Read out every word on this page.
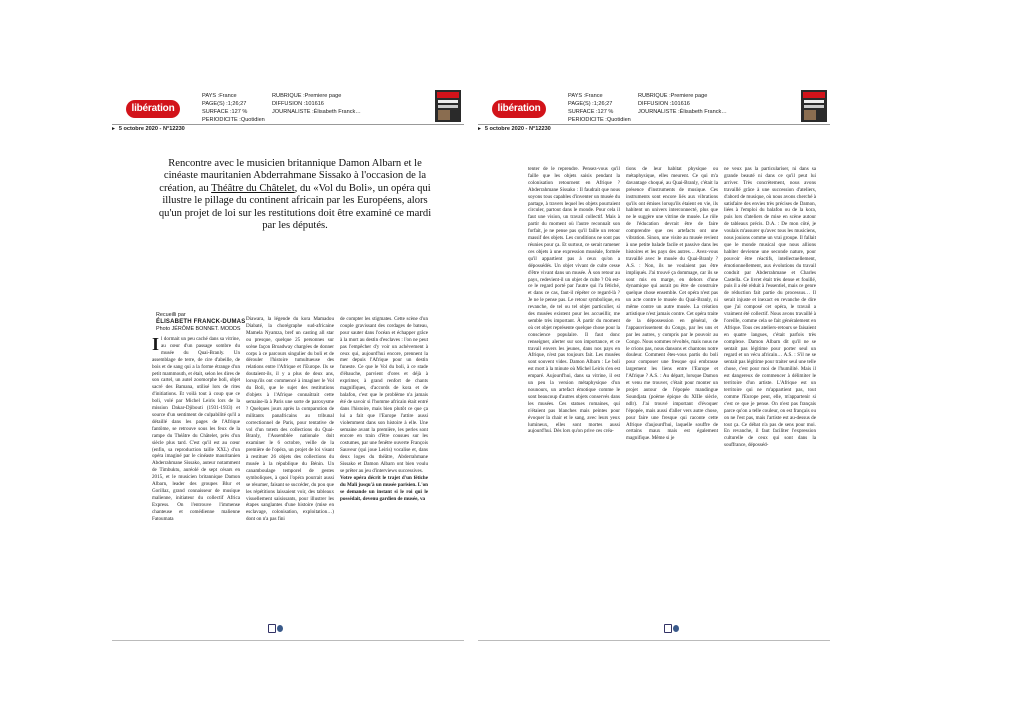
libération
PAYS :France
PAGE(S) :1;26;27
SURFACE :127 %
PERIODICITE :Quotidien
RUBRIQUE :Premiere page
DIFFUSION :101616
JOURNALISTE :Élisabeth Franck…
▸ 5 octobre 2020 - N°12230
Rencontre avec le musicien britannique Damon Albarn et le cinéaste mauritanien Abderrahmane Sissako à l'occasion de la création, au Théâtre du Châtelet, du «Vol du Boli», un opéra qui illustre le pillage du continent africain par les Européens, alors qu'un projet de loi sur les restitutions doit être examiné ce mardi par les députés.
Recueilli par
ÉLISABETH FRANCK-DUMAS
Photo JÉRÔME BONNET. MODDS
Il dormait un peu caché dans sa vitrine, au cœur d'un passage sombre du musée du Quai-Branly. Un assemblage de terre, de cire d'abeille, de bois et de sang qui a la forme étrange d'un petit mammouth, et était, selon les dires de son cartel, un autel zoomorphe boli, objet sacré des Bamana, utilisé lors de rites d'initiations. Et voilà tout à coup que ce boli, volé par Michel Leiris lors de la mission Dakar-Djibouti (1931-1933) et source d'un sentiment de culpabilité qu'il a détaillé dans les pages de l'Afrique fantôme, se retrouve sous les feux de la rampe du Théâtre du Châtelet, près d'un siècle plus tard. C'est qu'il est au cœur (enfin, sa reproduction taille XXL) d'un opéra imaginé par le cinéaste mauritanien Abderrahmane Sissako, auteur notamment de Timbuktu, auréolé de sept césars en 2015, et le musicien britannique Damon Albarn, leader des groupes Blur et Gorillaz, grand connaisseur de musique malienne, initiateur du collectif Africa Express. On l'entrouve l'immense chanteuse et comédienne malienne Fatoumata

Diawara, la légende du kora Mamadou Diabaté, la chorégraphe sud-africaine Mamela Nyamza, bref un casting all star ou presque, quelque 25 personnes sur scène façon Broadway chargées de donner corps à ce parcours singulier du boli et de dérouler l'histoire tumultueuse des relations entre l'Afrique et l'Europe. Ils se doutaient-ils, il y a plus de deux ans, lorsqu'ils ont commencé à imaginer le Vol du Boli, que le sujet des restitutions d'objets à l'Afrique connaîtrait cette semaine-là à Paris une sorte de paroxysme ? Quelques jours après la comparution de militants panafricains au tribunal correctionnel de Paris, pour tentative de vol d'un totem des collections du Quai-Branly, l'Assemblée nationale doit examiner le 6 octobre, veille de la première de l'opéra, un projet de loi visant à restituer 26 objets des collections du musée à la république du Bénin. Un canamboulage temporel de gestes symboliques, à quoi l'opéra pourrait aussi se résumer, faisant se succéder, du pou que les répétitions laissaient voir, des tableaux visuellement saisissants, pour illustrer les étapes sanglantes d'une histoire (mise en esclavage, colonisation, exploitation…) dont on n'a pas fini

de compter les stigmates. Cette scène d'un couple gravissant des cordages de bateau, pour sauter dans l'océan et échapper grâce à la mort au destin d'esclaves : l'on ne peut pas l'empêcher d'y voir un achèvement à ceux qui, aujourd'hui encore, prennent la mer depuis l'Afrique pour un destin funeste. Ce que le Vol du boli, à ce stade d'ébauche, parvient d'ores et déjà à exprimer, à grand renfort de chants magnifiques, d'accords de kora et de balafon, c'est que le problème n'a jamais été de savoir si l'homme africain était entré dans l'histoire, mais bien plutôt ce que ça lui a fait que l'Europe l'attire aussi violemment dans son histoire à elle. Une semaine avant la première, les perles sont encore en train d'être cousues sur les costumes, par une fenêtre ouverte François Sauveur (qui joue Leiris) vocalise et, dans deux loges du théâtre, Abderrahmane Sissako et Damon Albarn ont bien voulu se prêter au jeu d'interviews successives.

Votre opéra décrit le trajet d'un fétiche du Mali jusqu'à un musée parisien. L'on se demande un instant si le roi qui le possédait, devenu gardien de musée, va

libération
PAYS :France
PAGE(S) :1;26;27
SURFACE :127 %
PERIODICITE :Quotidien
RUBRIQUE :Premiere page
DIFFUSION :101616
JOURNALISTE :Élisabeth Franck…
▸ 5 octobre 2020 - N°12230

tenter de le reprendre. Pensez-vous qu'il faille que les objets saisis pendant la colonisation retournent en Afrique ? Abderrahmane Sissako : Il faudrait que nous soyons tous capables d'inventer un musée du partage, à travers lequel les objets pourraient circuler, partout dans le monde. Pour cela il faut une vision, un travail collectif. Mais à partir du moment où l'autre reconnaît son forfait, je ne pense pas qu'il faille un retour massif des objets. Les conditions ne sont pas réunies pour ça. Et surtout, ce serait ramener ces objets à une expression muséale, formée qu'il appartient pas à ceux qu'on a dépossédés. Un objet vivant de culte cesse d'être vivant dans un musée. À son retour au pays, redevient-il un objet de culte ? Où est-ce le regard porté par l'autre qui l'a fétiché, et dans ce cas, faut-il répéter ce regard-là ? Je ne le pense pas. Le retour symbolique, en revanche, de tel ou tel objet particulier, si des musées existent pour les accueillir, me semble très important. À partir du moment où cet objet représente quelque chose pour la conscience populaire. Il faut donc renseigner, alerter sur son importance, et ce travail envers les jeunes, dans nos pays en Afrique, n'est pas toujours fait. Les musées sont souvent vides. Damon Albarn : Le boli est mort à la minute où Michel Leiris s'en est emparé. Aujourd'hui, dans sa vitrine, il est un peu la version métaphysique d'un nounours, un artefact émotique comme le sont beaucoup d'autres objets conservés dans les musées. Ces statues romaines, qui n'étaient pas blanches mais peintes pour évoquer la chair et le sang, avec leurs yeux lumineux, elles sont mortes aussi aujourd'hui. Dès lors qu'on prive ces créa-

tions de leur habitat physique ou métaphysique, elles meurent. Ce qui m'a davantage choqué, au Quai-Branly, c'était la présence d'instruments de musique. Ces instruments sont encore liés aux vibrations qu'ils ont émises lorsqu'ils étaient en vie, ils habitent un univers interconnecté, plus que ne le suggère une vitrine de musée. Le rôle de l'éducation devrait être de faire comprendre que ces artefacts ont une vibration. Sinon, une visite au musée revient à une petite balade facile et passive dans les histoires et les pays des autres… Avez-vous travaillé avec le musée du Quai-Branly ? A.S. : Non, ils ne voulaient pas être impliqués. J'ai trouvé ça dommage, car ils se sont mis en marge, en dehors d'une dynamique qui aurait pu être de construire quelque chose ensemble. Cet opéra n'est pas un acte contre le musée du Quai-Branly, ni même contre un autre musée. La création artistique n'est jamais contre. Cet opéra traite de la dépossession en général, de l'appauvrissement du Congo, par les uns et par les autres, y compris par le pouvoir au Congo. Nous sommes révoltés, mais nous ne le crions pas, nous dansons et chantons notre douleur. Comment êtes-vous partis du boli pour composer une fresque qui embrasse largement les liens entre l'Europe et l'Afrique ? A.S. : Au départ, lorsque Damon et venu me trouver, c'était pour monter un projet autour de l'épopée mandingue Soundjata (poème épique du XIIIe siècle, ndlr). J'ai trouvé important d'évoquer l'épopée, mais aussi d'aller vers autre chose, pour faire une fresque qui raconte cette Afrique d'aujourd'hui, laquelle souffre de certains maux mais est également magnifique. Même si je

ne veux pas la particulariser, ni dans sa grande beauté ni dans ce qu'il peut lui arriver. Très concrètement, nous avons travaillé grâce à une succession d'ateliers, d'abord de musique, où nous avons cherché à satisfaire des envies très précises de Damon, liées à l'emploi du balafon ou de la kora, puis lors d'ateliers de mise en scène autour de tableaux précis. D.A. : De mon côté, je voulais m'assurer qu'avec tous les musiciens, nous jouions comme un vrai groupe. Il fallait que le monde musical que nous allions habiter devienne une seconde nature, pour pouvoir être réactifs, intellectuellement, émotionnellement, aux évolutions du travail conduit par Abderrahmane et Charles Castella. Ce livret était très dense et fouillé, puis il a été réduit à l'essentiel, mais ce genre de réduction fait partie du processus… Il serait injuste et inexact en revanche de dire que j'ai composé cet opéra, le travail a vraiment été collectif. Nous avons travaillé à l'oreille, comme cela se fait généralement en Afrique. Tous ces ateliers-retours se faisaient en quatre langues, c'était parfois très complexe. Damon Albarn dit qu'il ne se sentait pas légitime pour porter seul un regard et un vécu africain… A.S. : S'il ne se sentait pas légitime pour traiter seul une telle chose, c'est pour moi de l'humilité. Mais il est dangereux de commencer à délimiter le territoire d'un artiste. L'Afrique est un territoire qui ne m'appartient pas, tout comme l'Europe peut, elle, m'appartenir si c'est ce que je pense. On n'est pas français parce qu'on a telle couleur, on est français ou on ne l'est pas, mais l'artiste est au-dessus de tout ça. Ce débat n'a pas de sens pour moi. En revanche, il faut faciliter l'expression culturelle de ceux qui sont dans la souffrance, déposséd-
